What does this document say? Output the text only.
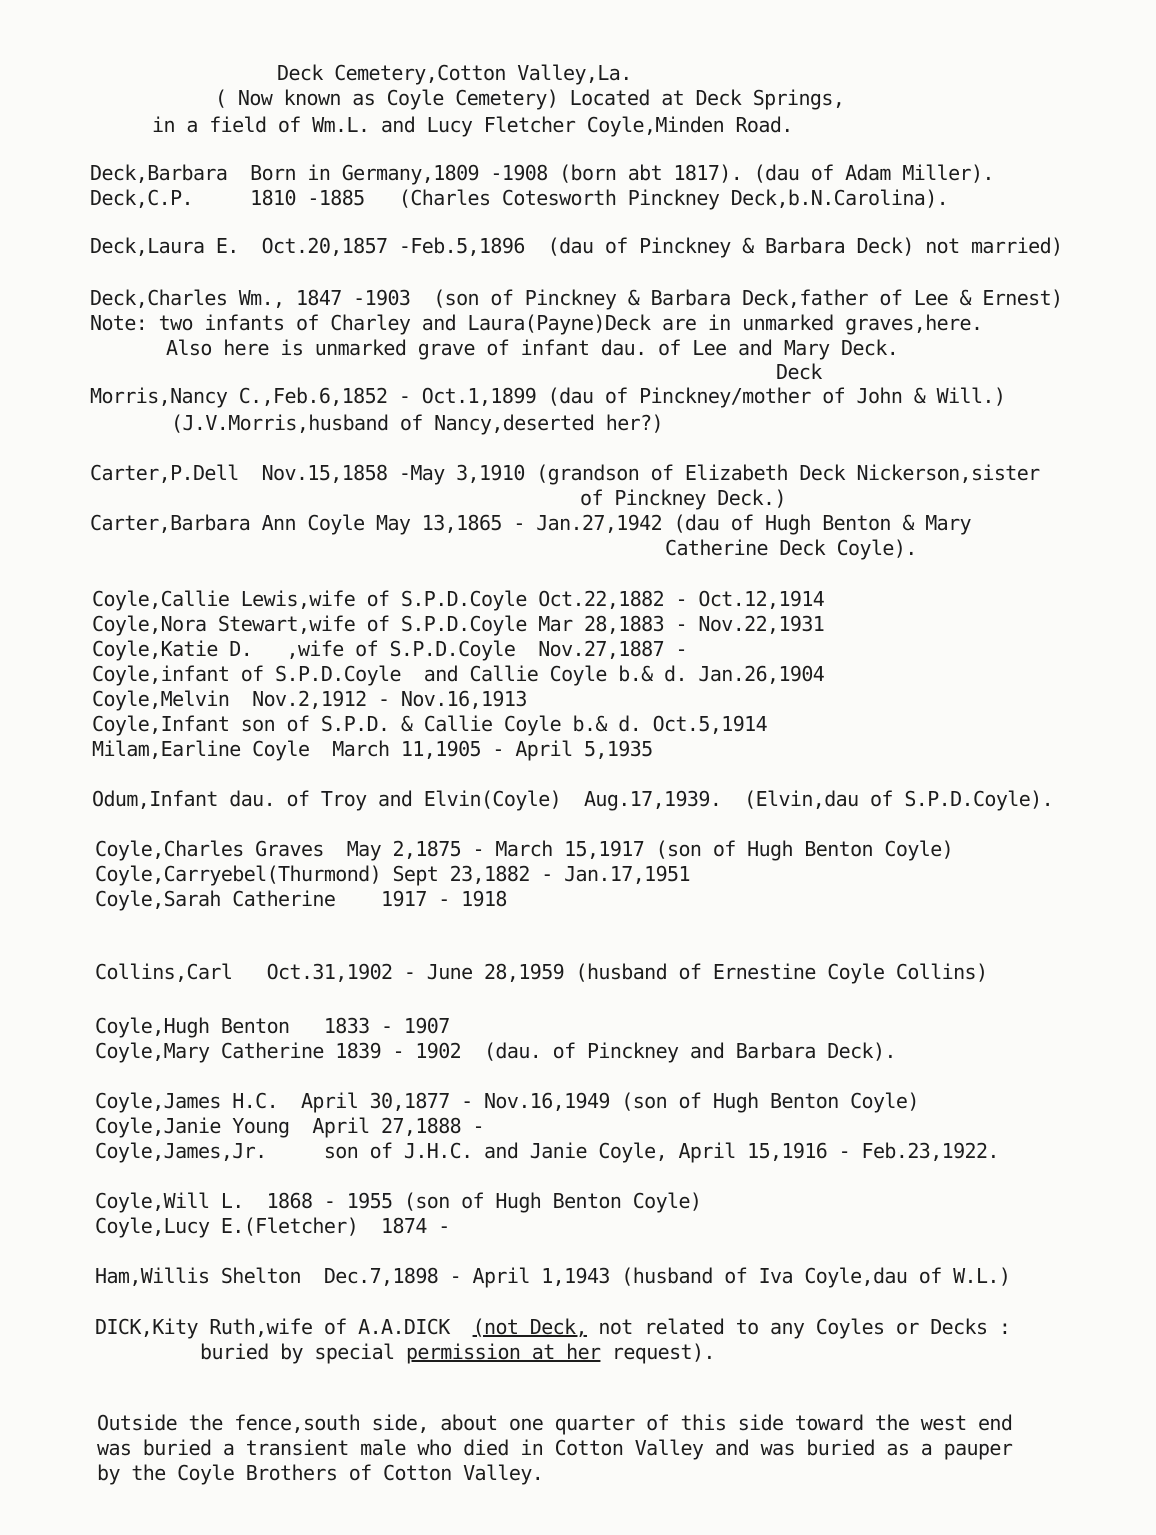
Deck Cemetery,Cotton Valley,La.
( Now known as Coyle Cemetery) Located at Deck Springs,
in a field of Wm.L. and Lucy Fletcher Coyle,Minden Road.
Deck,Barbara  Born in Germany,1809 -1908 (born abt 1817). (dau of Adam Miller).
Deck,C.P.     1810 -1885   (Charles Cotesworth Pinckney Deck,b.N.Carolina).
Deck,Laura E.  Oct.20,1857 -Feb.5,1896  (dau of Pinckney & Barbara Deck) not married)
Deck,Charles Wm., 1847 -1903  (son of Pinckney & Barbara Deck,father of Lee & Ernest)
Note: two infants of Charley and Laura(Payne)Deck are in unmarked graves,here.
Also here is unmarked grave of infant dau. of Lee and Mary Deck.
Deck
Morris,Nancy C.,Feb.6,1852 - Oct.1,1899 (dau of Pinckney/mother of John & Will.)
(J.V.Morris,husband of Nancy,deserted her?)
Carter,P.Dell  Nov.15,1858 -May 3,1910 (grandson of Elizabeth Deck Nickerson,sister
of Pinckney Deck.)
Carter,Barbara Ann Coyle May 13,1865 - Jan.27,1942 (dau of Hugh Benton & Mary
Catherine Deck Coyle).
Coyle,Callie Lewis,wife of S.P.D.Coyle Oct.22,1882 - Oct.12,1914
Coyle,Nora Stewart,wife of S.P.D.Coyle Mar 28,1883 - Nov.22,1931
Coyle,Katie D.   ,wife of S.P.D.Coyle  Nov.27,1887 -
Coyle,infant of S.P.D.Coyle  and Callie Coyle b.& d. Jan.26,1904
Coyle,Melvin  Nov.2,1912 - Nov.16,1913
Coyle,Infant son of S.P.D. & Callie Coyle b.& d. Oct.5,1914
Milam,Earline Coyle  March 11,1905 - April 5,1935
Odum,Infant dau. of Troy and Elvin(Coyle)  Aug.17,1939.  (Elvin,dau of S.P.D.Coyle).
Coyle,Charles Graves  May 2,1875 - March 15,1917 (son of Hugh Benton Coyle)
Coyle,Carryebel(Thurmond) Sept 23,1882 - Jan.17,1951
Coyle,Sarah Catherine    1917 - 1918
Collins,Carl   Oct.31,1902 - June 28,1959 (husband of Ernestine Coyle Collins)
Coyle,Hugh Benton   1833 - 1907
Coyle,Mary Catherine 1839 - 1902  (dau. of Pinckney and Barbara Deck).
Coyle,James H.C.  April 30,1877 - Nov.16,1949 (son of Hugh Benton Coyle)
Coyle,Janie Young  April 27,1888 -
Coyle,James,Jr.     son of J.H.C. and Janie Coyle, April 15,1916 - Feb.23,1922.
Coyle,Will L.  1868 - 1955 (son of Hugh Benton Coyle)
Coyle,Lucy E.(Fletcher)  1874 -
Ham,Willis Shelton  Dec.7,1898 - April 1,1943 (husband of Iva Coyle,dau of W.L.)
DICK,Kity Ruth,wife of A.A.DICK  (not Deck, not related to any Coyles or Decks :
buried by special permission at her request).
Outside the fence,south side, about one quarter of this side toward the west end
was buried a transient male who died in Cotton Valley and was buried as a pauper
by the Coyle Brothers of Cotton Valley.
